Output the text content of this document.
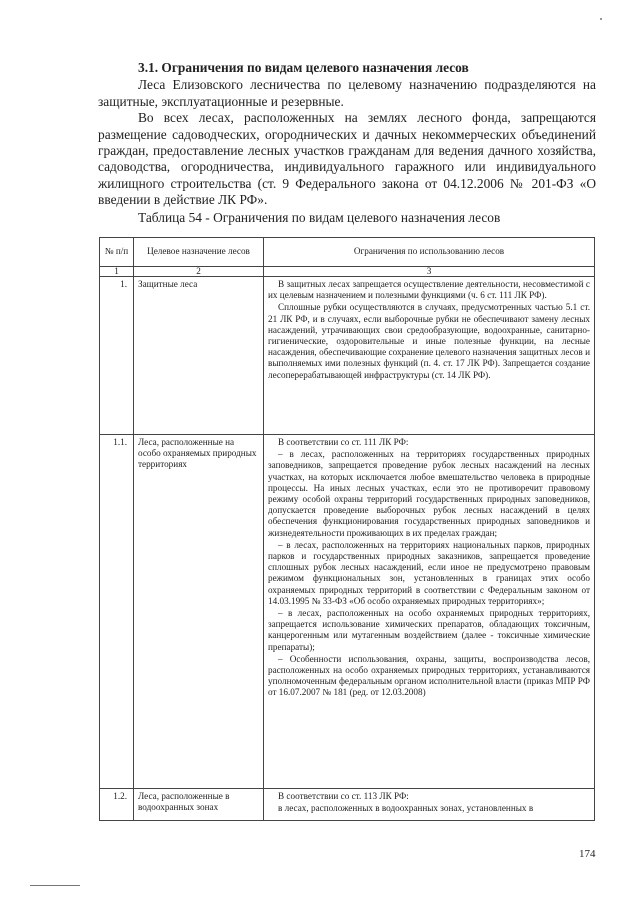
3.1. Ограничения по видам целевого назначения лесов

Леса Елизовского лесничества по целевому назначению подразделяются на защитные, эксплуатационные и резервные.

Во всех лесах, расположенных на землях лесного фонда, запрещаются размещение садоводческих, огороднических и дачных некоммерческих объединений граждан, предоставление лесных участков гражданам для ведения дачного хозяйства, садоводства, огородничества, индивидуального гаражного или индивидуального жилищного строительства (ст. 9 Федерального закона от 04.12.2006 № 201-ФЗ «О введении в действие ЛК РФ».

Таблица 54 - Ограничения по видам целевого назначения лесов

№ п/п	Целевое назначение лесов	Ограничения по использованию лесов
1	2	3
1.	Защитные леса	В защитных лесах запрещается осуществление деятельности, несовместимой с их целевым назначением и полезными функциями (ч. 6 ст. 111 ЛК РФ).

Сплошные рубки осуществляются в случаях, предусмотренных частью 5.1 ст. 21 ЛК РФ, и в случаях, если выборочные рубки не обеспечивают замену лесных насаждений, утрачивающих свои средообразующие, водоохранные, санитарно-гигиенические, оздоровительные и иные полезные функции, на лесные насаждения, обеспечивающие сохранение целевого назначения защитных лесов и выполняемых ими полезных функций (п. 4. ст. 17 ЛК РФ). Запрещается создание лесоперерабатывающей инфраструктуры (ст. 14 ЛК РФ).

1.1.	Леса, расположенные на особо охраняемых природных территориях	В соответствии со ст. 111 ЛК РФ:

– в лесах, расположенных на территориях государственных природных заповедников, запрещается проведение рубок лесных насаждений на лесных участках, на которых исключается любое вмешательство человека в природные процессы. На иных лесных участках, если это не противоречит правовому режиму особой охраны территорий государственных природных заповедников, допускается проведение выборочных рубок лесных насаждений в целях обеспечения функционирования государственных природных заповедников и жизнедеятельности проживающих в их пределах граждан;

– в лесах, расположенных на территориях национальных парков, природных парков и государственных природных заказников, запрещается проведение сплошных рубок лесных насаждений, если иное не предусмотрено правовым режимом функциональных зон, установленных в границах этих особо охраняемых природных территорий в соответствии с Федеральным законом от 14.03.1995 № 33-ФЗ «Об особо охраняемых природных территориях»;

– в лесах, расположенных на особо охраняемых природных территориях, запрещается использование химических препаратов, обладающих токсичным, канцерогенным или мутагенным воздействием (далее - токсичные химические препараты);

– Особенности использования, охраны, защиты, воспроизводства лесов, расположенных на особо охраняемых природных территориях, устанавливаются уполномоченным федеральным органом исполнительной власти (приказ МПР РФ от 16.07.2007 № 181 (ред. от 12.03.2008)

1.2.	Леса, расположенные в водоохранных зонах	В соответствии со ст. 113 ЛК РФ:

в лесах, расположенных в водоохранных зонах, установленных в

174
